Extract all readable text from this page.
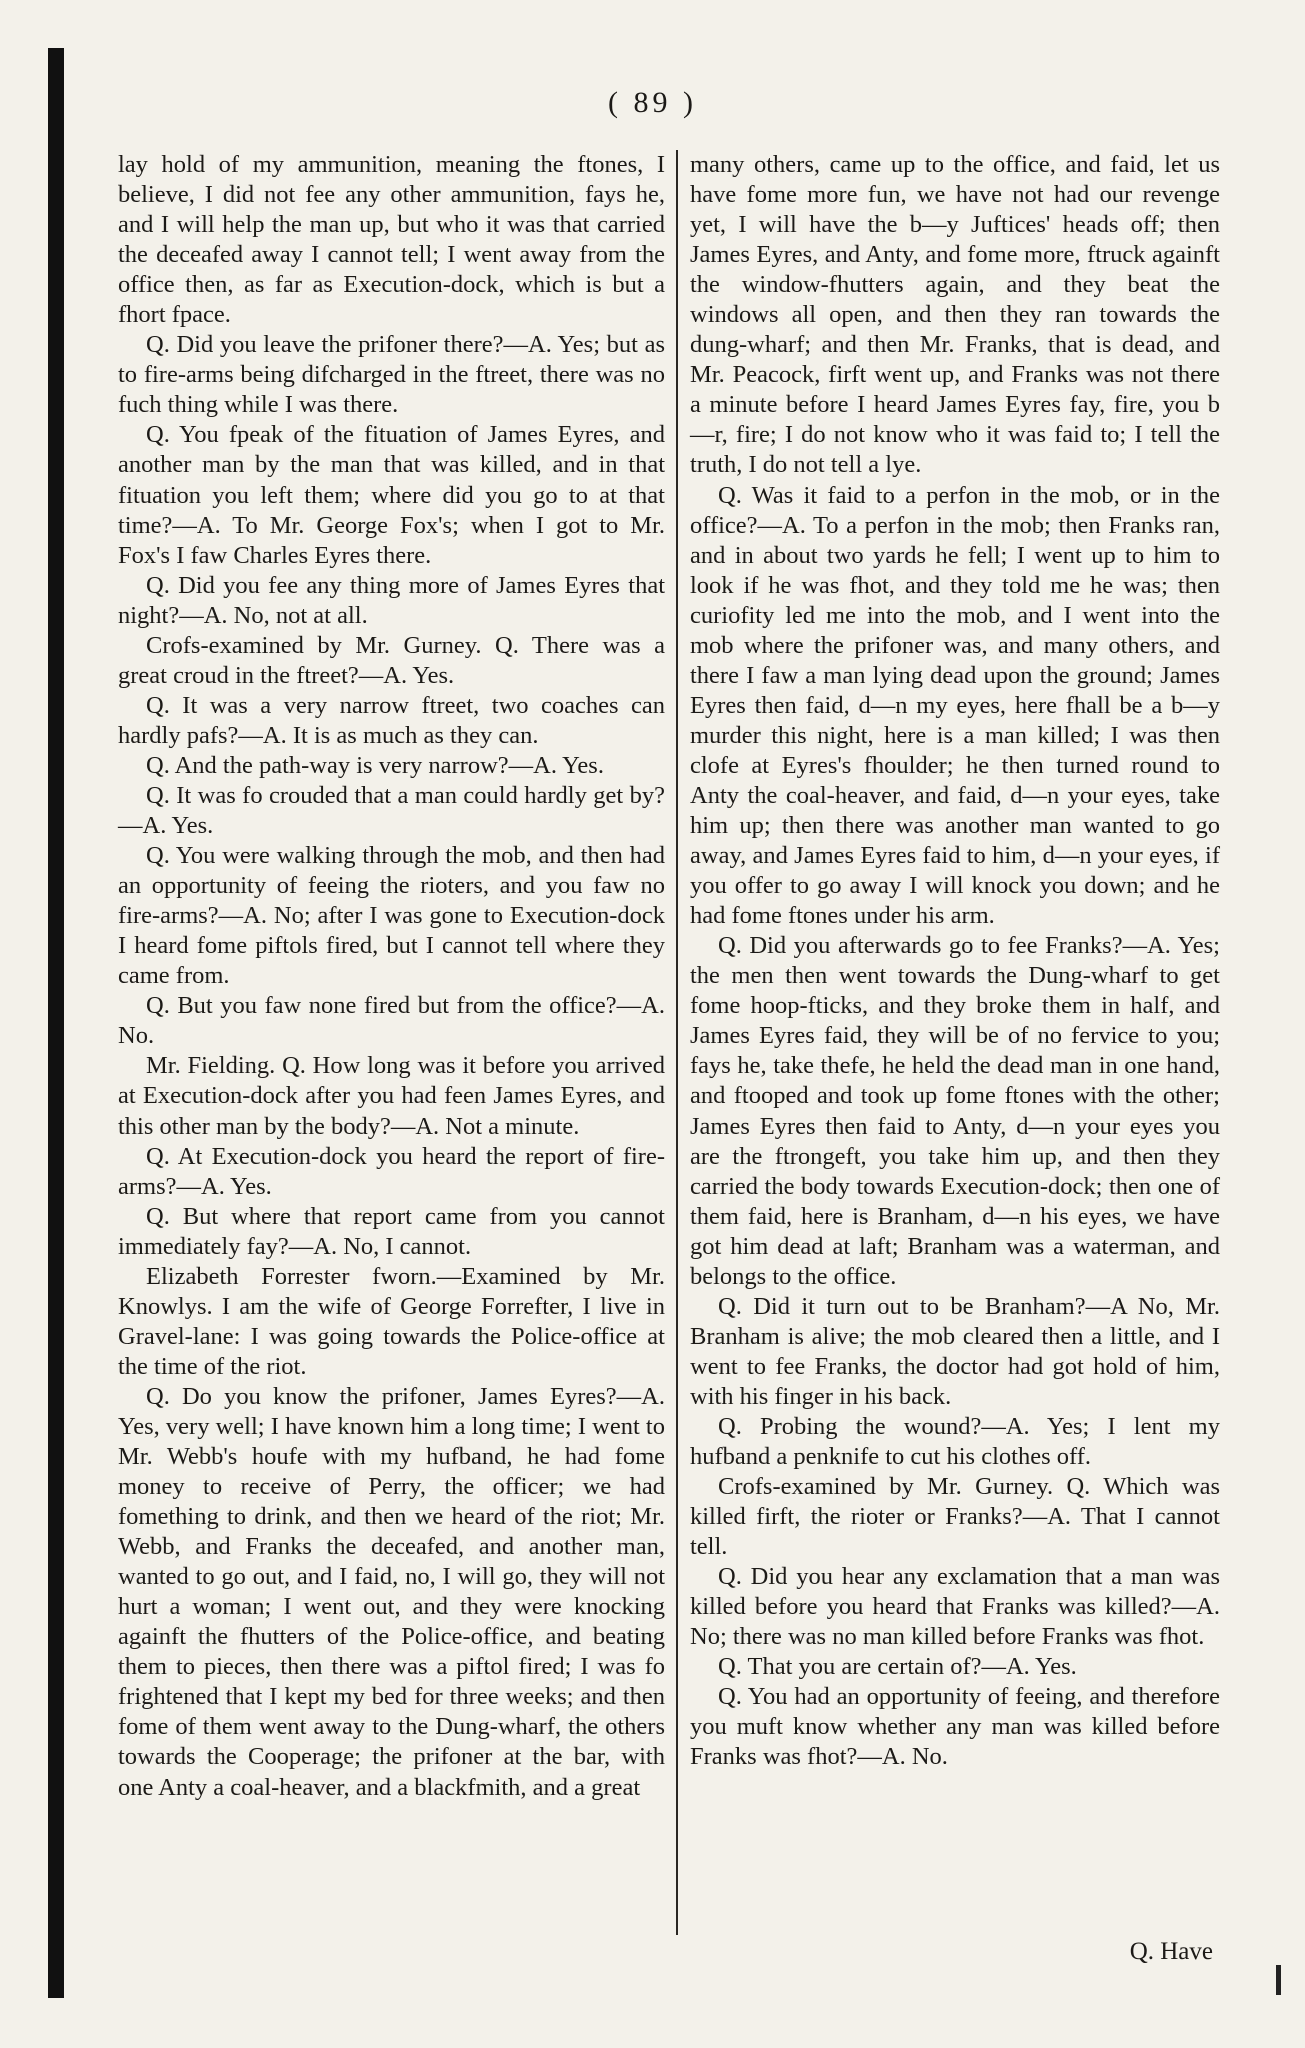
( 89 )

lay hold of my ammunition, meaning the ftones, I believe, I did not fee any other ammunition, fays he, and I will help the man up, but who it was that carried the deceafed away I cannot tell; I went away from the office then, as far as Execution-dock, which is but a fhort fpace.

Q. Did you leave the prifoner there?—A. Yes; but as to fire-arms being difcharged in the ftreet, there was no fuch thing while I was there.

Q. You fpeak of the fituation of James Eyres, and another man by the man that was killed, and in that fituation you left them; where did you go to at that time?—A. To Mr. George Fox's; when I got to Mr. Fox's I faw Charles Eyres there.

Q. Did you fee any thing more of James Eyres that night?—A. No, not at all.

Crofs-examined by Mr. Gurney. Q. There was a great croud in the ftreet?—A. Yes.

Q. It was a very narrow ftreet, two coaches can hardly pafs?—A. It is as much as they can.

Q. And the path-way is very narrow?—A. Yes.

Q. It was fo crouded that a man could hardly get by?—A. Yes.

Q. You were walking through the mob, and then had an opportunity of feeing the rioters, and you faw no fire-arms?—A. No; after I was gone to Execution-dock I heard fome piftols fired, but I cannot tell where they came from.

Q. But you faw none fired but from the office?—A. No.

Mr. Fielding. Q. How long was it before you arrived at Execution-dock after you had feen James Eyres, and this other man by the body?—A. Not a minute.

Q. At Execution-dock you heard the report of fire-arms?—A. Yes.

Q. But where that report came from you cannot immediately fay?—A. No, I cannot.

Elizabeth Forrester fworn.—Examined by Mr. Knowlys. I am the wife of George Forrefter, I live in Gravel-lane: I was going towards the Police-office at the time of the riot.

Q. Do you know the prifoner, James Eyres?—A. Yes, very well; I have known him a long time; I went to Mr. Webb's houfe with my hufband, he had fome money to receive of Perry, the officer; we had fomething to drink, and then we heard of the riot; Mr. Webb, and Franks the deceafed, and another man, wanted to go out, and I faid, no, I will go, they will not hurt a woman; I went out, and they were knocking againft the fhutters of the Police-office, and beating them to pieces, then there was a piftol fired; I was fo frightened that I kept my bed for three weeks; and then fome of them went away to the Dung-wharf, the others towards the Cooperage; the prifoner at the bar, with one Anty a coal-heaver, and a blackfmith, and a great

many others, came up to the office, and faid, let us have fome more fun, we have not had our revenge yet, I will have the b—y Juftices' heads off; then James Eyres, and Anty, and fome more, ftruck againft the window-fhutters again, and they beat the windows all open, and then they ran towards the dung-wharf; and then Mr. Franks, that is dead, and Mr. Peacock, firft went up, and Franks was not there a minute before I heard James Eyres fay, fire, you b—r, fire; I do not know who it was faid to; I tell the truth, I do not tell a lye.

Q. Was it faid to a perfon in the mob, or in the office?—A. To a perfon in the mob; then Franks ran, and in about two yards he fell; I went up to him to look if he was fhot, and they told me he was; then curiofity led me into the mob, and I went into the mob where the prifoner was, and many others, and there I faw a man lying dead upon the ground; James Eyres then faid, d—n my eyes, here fhall be a b—y murder this night, here is a man killed; I was then clofe at Eyres's fhoulder; he then turned round to Anty the coal-heaver, and faid, d—n your eyes, take him up; then there was another man wanted to go away, and James Eyres faid to him, d—n your eyes, if you offer to go away I will knock you down; and he had fome ftones under his arm.

Q. Did you afterwards go to fee Franks?—A. Yes; the men then went towards the Dung-wharf to get fome hoop-fticks, and they broke them in half, and James Eyres faid, they will be of no fervice to you; fays he, take thefe, he held the dead man in one hand, and ftooped and took up fome ftones with the other; James Eyres then faid to Anty, d—n your eyes you are the ftrongeft, you take him up, and then they carried the body towards Execution-dock; then one of them faid, here is Branham, d—n his eyes, we have got him dead at laft; Branham was a waterman, and belongs to the office.

Q. Did it turn out to be Branham?—A No, Mr. Branham is alive; the mob cleared then a little, and I went to fee Franks, the doctor had got hold of him, with his finger in his back.

Q. Probing the wound?—A. Yes; I lent my hufband a penknife to cut his clothes off.

Crofs-examined by Mr. Gurney. Q. Which was killed firft, the rioter or Franks?—A. That I cannot tell.

Q. Did you hear any exclamation that a man was killed before you heard that Franks was killed?—A. No; there was no man killed before Franks was fhot.

Q. That you are certain of?—A. Yes.

Q. You had an opportunity of feeing, and therefore you muft know whether any man was killed before Franks was fhot?—A. No.

Q. Have
